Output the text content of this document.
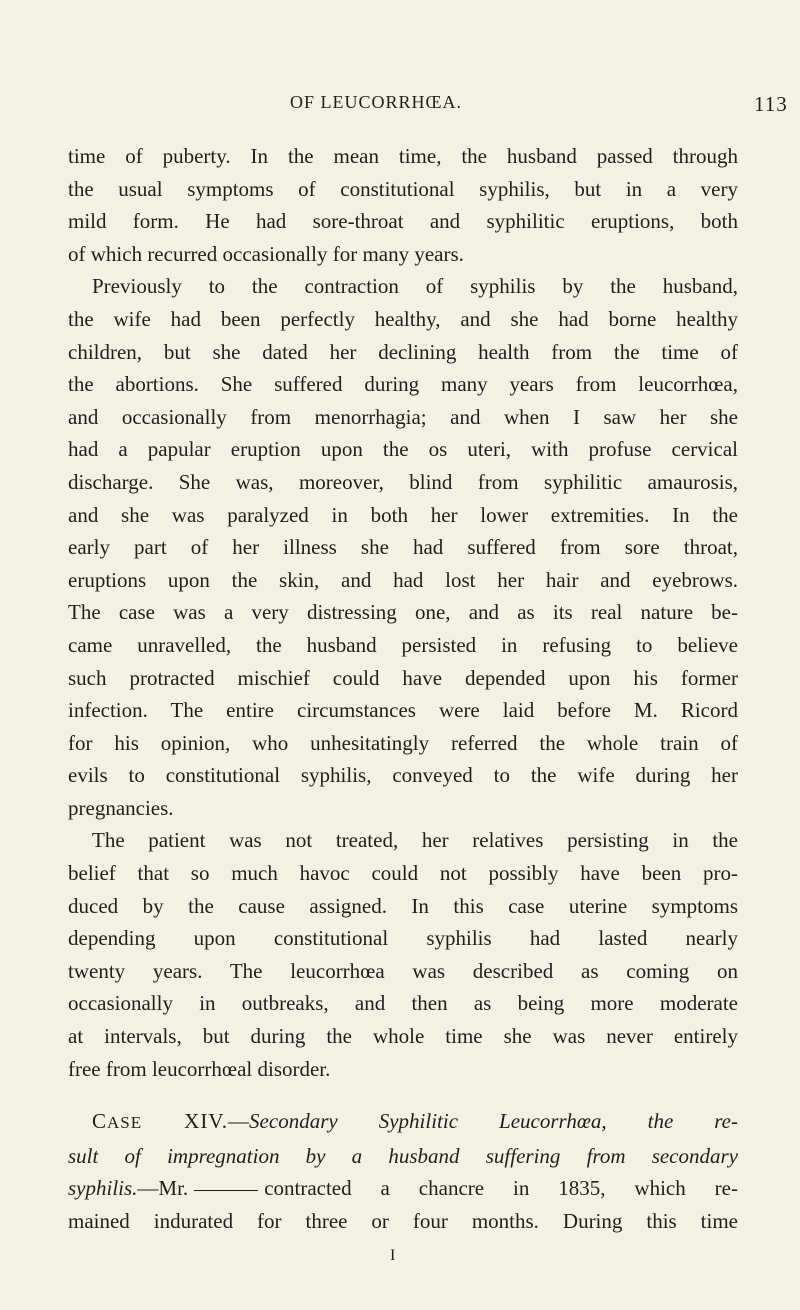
OF LEUCORRHŒA.	113
time of puberty. In the mean time, the husband passed through
the usual symptoms of constitutional syphilis, but in a very
mild form. He had sore-throat and syphilitic eruptions, both
of which recurred occasionally for many years.
Previously to the contraction of syphilis by the husband,
the wife had been perfectly healthy, and she had borne healthy
children, but she dated her declining health from the time of
the abortions. She suffered during many years from leucorrhœa,
and occasionally from menorrhagia; and when I saw her she
had a papular eruption upon the os uteri, with profuse cervical
discharge. She was, moreover, blind from syphilitic amaurosis,
and she was paralyzed in both her lower extremities. In the
early part of her illness she had suffered from sore throat,
eruptions upon the skin, and had lost her hair and eyebrows.
The case was a very distressing one, and as its real nature be-
came unravelled, the husband persisted in refusing to believe
such protracted mischief could have depended upon his former
infection. The entire circumstances were laid before M. Ricord
for his opinion, who unhesitatingly referred the whole train of
evils to constitutional syphilis, conveyed to the wife during her
pregnancies.
The patient was not treated, her relatives persisting in the
belief that so much havoc could not possibly have been pro-
duced by the cause assigned. In this case uterine symptoms
depending upon constitutional syphilis had lasted nearly
twenty years. The leucorrhœa was described as coming on
occasionally in outbreaks, and then as being more moderate
at intervals, but during the whole time she was never entirely
free from leucorrhœal disorder.
CASE XIV.—Secondary Syphilitic Leucorrhœa, the re-
sult of impregnation by a husband suffering from secondary
syphilis.—Mr.	contracted a chancre in 1835, which re-
mained indurated for three or four months. During this time
I
